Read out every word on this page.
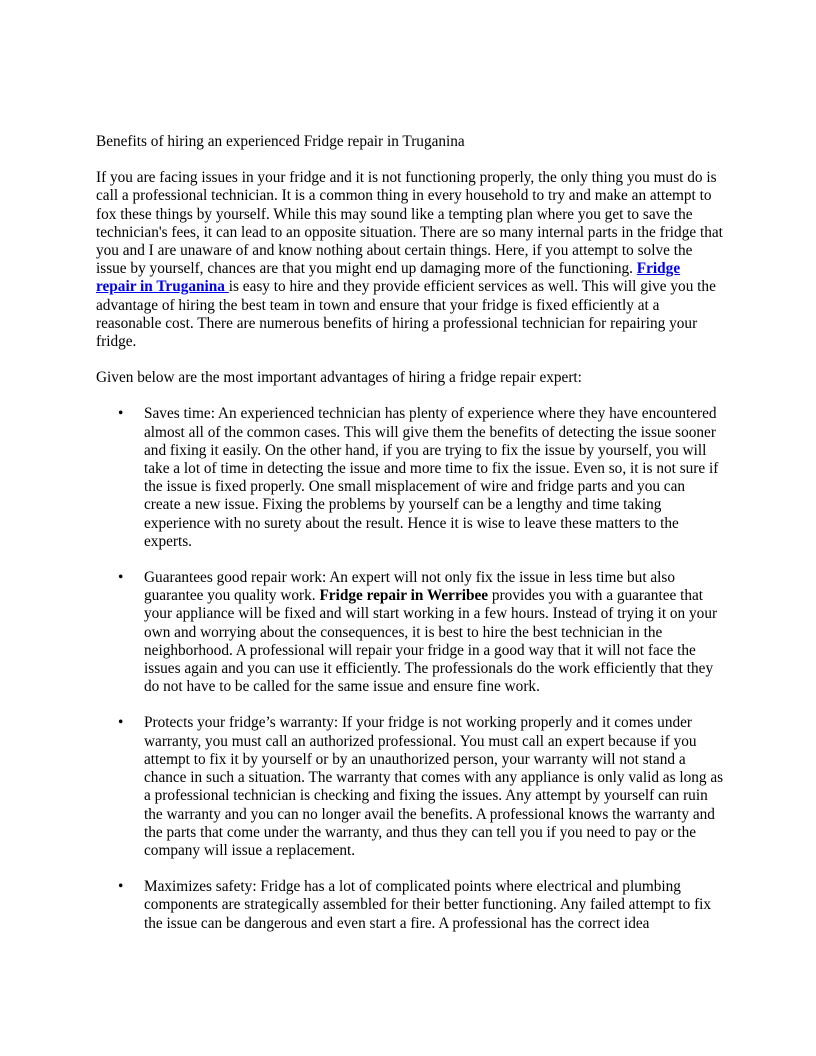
Benefits of hiring an experienced Fridge repair in Truganina

If you are facing issues in your fridge and it is not functioning properly, the only thing you must do is call a professional technician. It is a common thing in every household to try and make an attempt to fox these things by yourself. While this may sound like a tempting plan where you get to save the technician's fees, it can lead to an opposite situation. There are so many internal parts in the fridge that you and I are unaware of and know nothing about certain things. Here, if you attempt to solve the issue by yourself, chances are that you might end up damaging more of the functioning. Fridge repair in Truganina is easy to hire and they provide efficient services as well. This will give you the advantage of hiring the best team in town and ensure that your fridge is fixed efficiently at a reasonable cost. There are numerous benefits of hiring a professional technician for repairing your fridge.

Given below are the most important advantages of hiring a fridge repair expert:

• Saves time: An experienced technician has plenty of experience where they have encountered almost all of the common cases. This will give them the benefits of detecting the issue sooner and fixing it easily. On the other hand, if you are trying to fix the issue by yourself, you will take a lot of time in detecting the issue and more time to fix the issue. Even so, it is not sure if the issue is fixed properly. One small misplacement of wire and fridge parts and you can create a new issue. Fixing the problems by yourself can be a lengthy and time taking experience with no surety about the result. Hence it is wise to leave these matters to the experts.
• Guarantees good repair work: An expert will not only fix the issue in less time but also guarantee you quality work. Fridge repair in Werribee provides you with a guarantee that your appliance will be fixed and will start working in a few hours. Instead of trying it on your own and worrying about the consequences, it is best to hire the best technician in the neighborhood. A professional will repair your fridge in a good way that it will not face the issues again and you can use it efficiently. The professionals do the work efficiently that they do not have to be called for the same issue and ensure fine work.
• Protects your fridge’s warranty: If your fridge is not working properly and it comes under warranty, you must call an authorized professional. You must call an expert because if you attempt to fix it by yourself or by an unauthorized person, your warranty will not stand a chance in such a situation. The warranty that comes with any appliance is only valid as long as a professional technician is checking and fixing the issues. Any attempt by yourself can ruin the warranty and you can no longer avail the benefits. A professional knows the warranty and the parts that come under the warranty, and thus they can tell you if you need to pay or the company will issue a replacement.
• Maximizes safety: Fridge has a lot of complicated points where electrical and plumbing components are strategically assembled for their better functioning. Any failed attempt to fix the issue can be dangerous and even start a fire. A professional has the correct idea
